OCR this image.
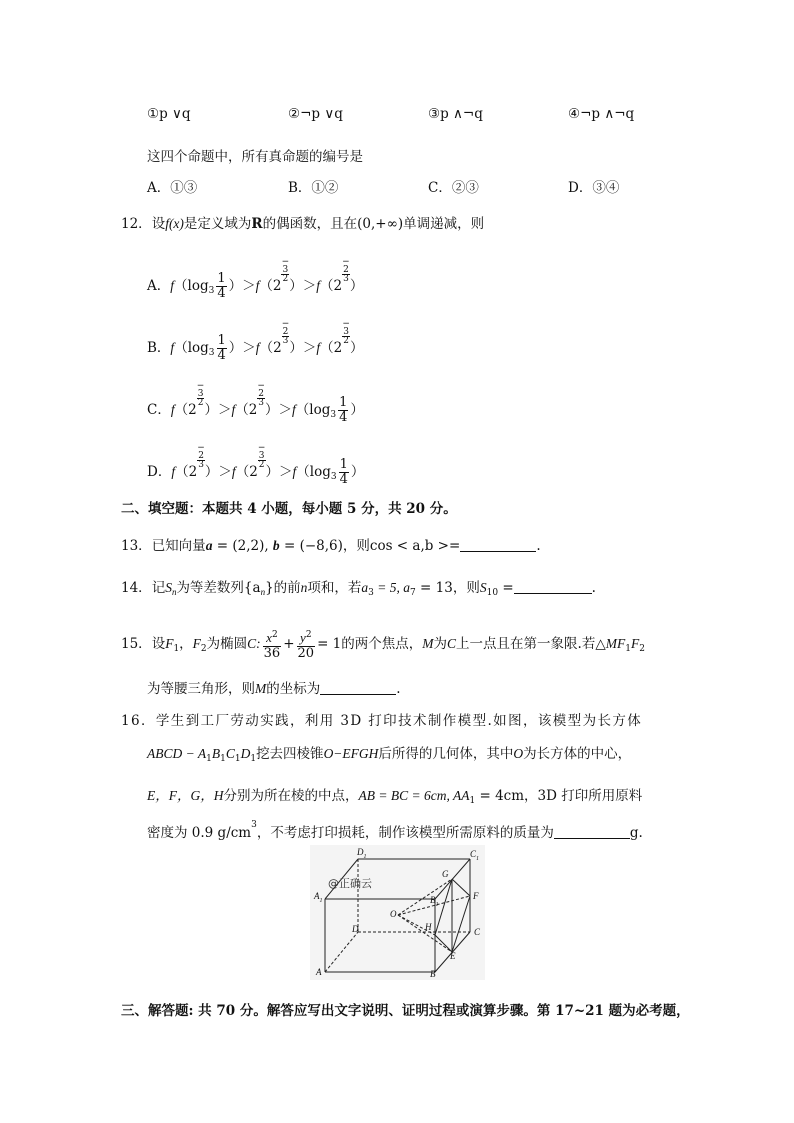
①p ∨q	②¬p ∨q	③p ∧¬q	④¬p ∧¬q
这四个命题中，所有真命题的编号是
A．①③	B．①②	C．②③	D．③④
12．设f(x)是定义域为R的偶函数，且在(0,+∞)单调递减，则
A．$f(\log_3 \frac{1}{4} )>f(2-$
3
2 ）＞f（2−
2
3 ）
B．$f(\log_3 \frac{1}{4} )>f(2-$
2
3 ）＞f（2−
3
2 ）
C．f（2−
3
2 ）＞f（2−
2
3 ）$>f(\log_3 \frac{1}{4}$ ）
D．f（2−
2
3 ）＞f（2−
3
2 ）$>f(\log_3 \frac{1}{4}$ ）
二、填空题：本题共 4 小题，每小题 5 分，共 20 分。
13．已知向量a = (2,2), b = (−8,6)，则cos < a,b >=	.
14．记$S_n$为等差数列$\{a_n\}$的前n项和，若$a_3 = 5$, $a_7 = 13$，则$S_{10}$ =	.
15．设$F_1$，$F_2$为椭圆C: $\frac{x2}{36} + \frac{y2}{20} = 1$的两个焦点，M为C上一点且在第一象限.若$\triangle MF_1F_2$
为等腰三角形，则M的坐标为	.
16．学生到工厂劳动实践，利用 3D 打印技术制作模型.如图，该模型为长方体
ABCD − $A_1B_1C_1D_1$挖去四棱锥O−EFGH后所得的几何体，其中O为长方体的中心，
E，F，G，H分别为所在棱的中点，AB = BC = 6cm, $AA_1 = 4cm$，3D 打印所用原料
密度为 0.9 g/cm3，不考虑打印损耗，制作该模型所需原料的质量为	g.
$D_1$	$C_1$
@正确云
$A_1$
G
$B_1$
F
O
D	H	C
E
A	B
三、解答题: 共 70 分。解答应写出文字说明、证明过程或演算步骤。第 17~21 题为必考题，
